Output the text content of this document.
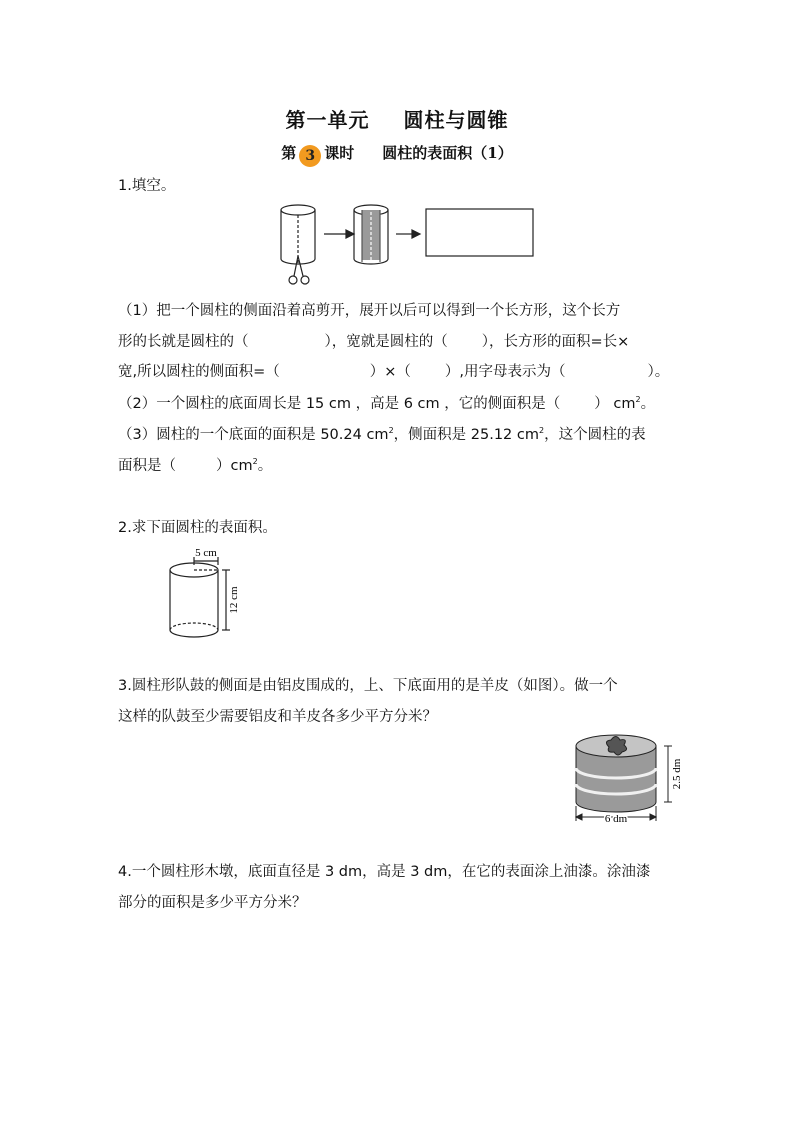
第一单元 圆柱与圆锥
第 3 课时 圆柱的表面积（1）
1.填空。
（1）把一个圆柱的侧面沿着高剪开，展开以后可以得到一个长方形，这个长方
形的长就是圆柱的（	），宽就是圆柱的（ ），长方形的面积=长×
宽,所以圆柱的侧面积=（	）×（ ）,用字母表示为（	）。
（2）一个圆柱的底面周长是 15 cm ，高是 6 cm ，它的侧面积是（ ） $cm^2$。
（3）圆柱的一个底面的面积是 50.24 $cm^2$，侧面积是 25.12 $cm^2$，这个圆柱的表
面积是（	）$cm^2$。
2.求下面圆柱的表面积。
5 cm
12 cm
3.圆柱形队鼓的侧面是由铝皮围成的，上、下底面用的是羊皮（如图）。做一个
这样的队鼓至少需要铝皮和羊皮各多少平方分米？
2.5 dm
6 dm
4.一个圆柱形木墩，底面直径是 3 dm，高是 3 dm，在它的表面涂上油漆。涂油漆
部分的面积是多少平方分米？
